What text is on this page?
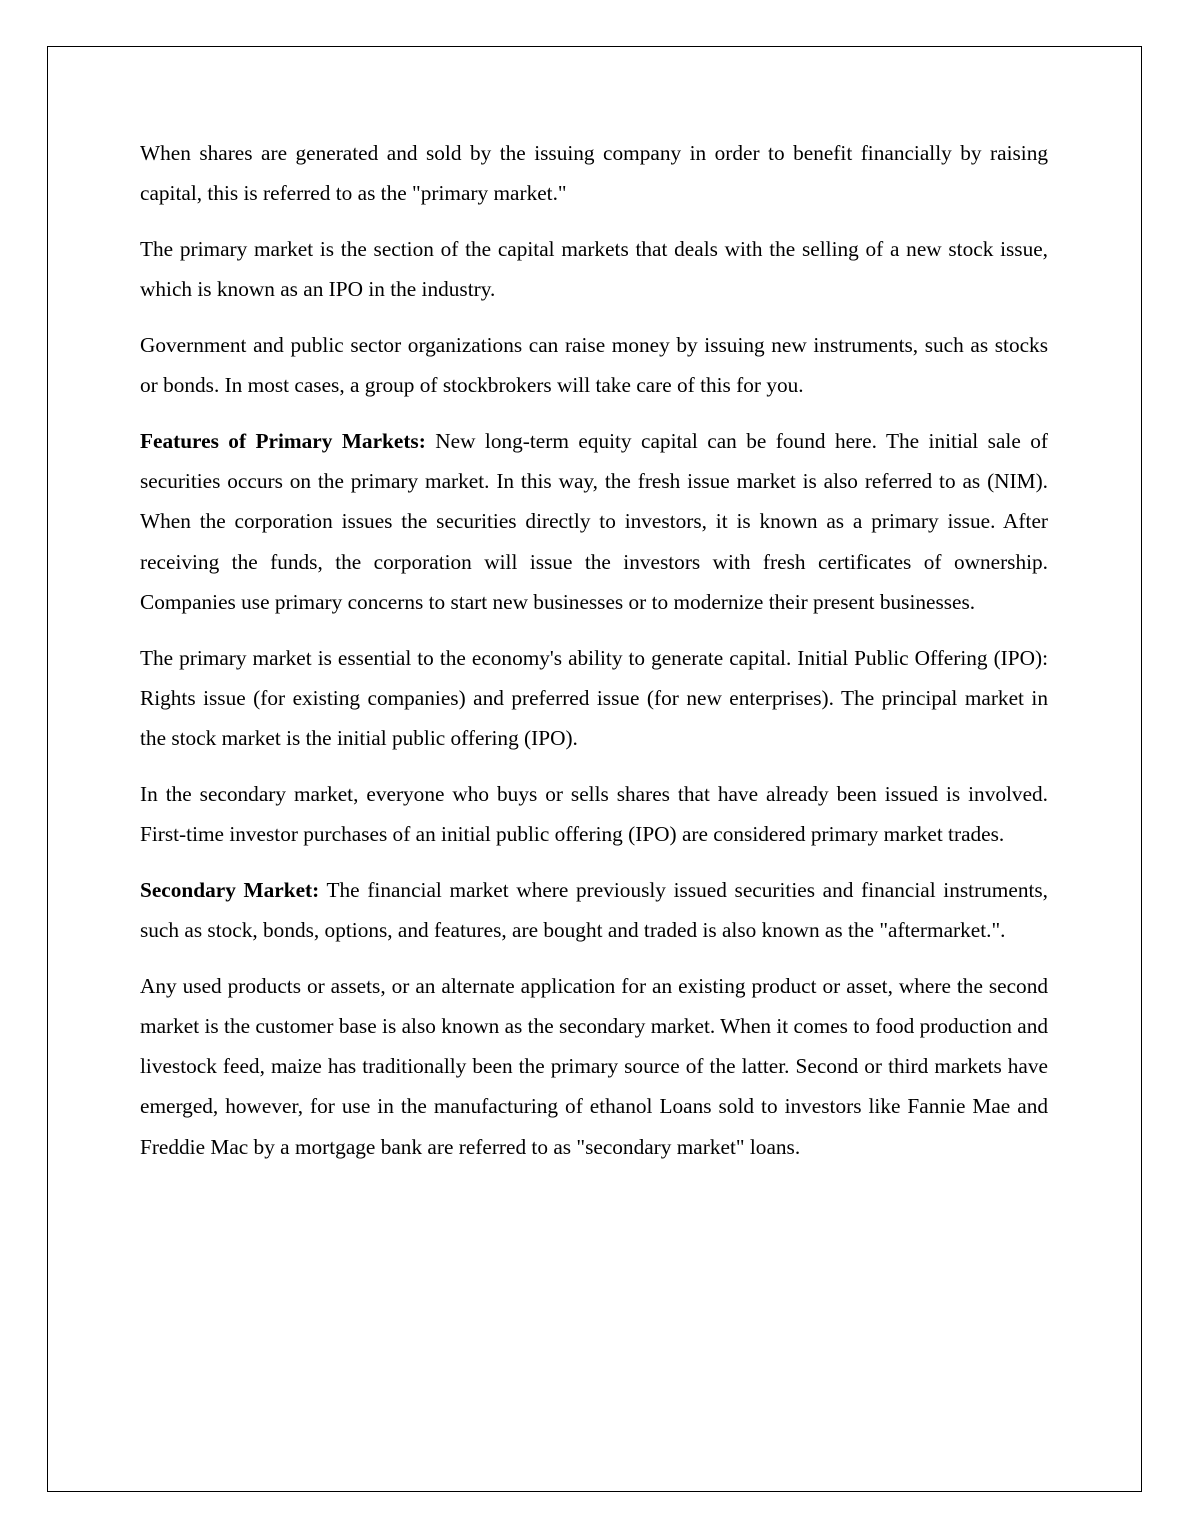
When shares are generated and sold by the issuing company in order to benefit financially by raising capital, this is referred to as the "primary market."

The primary market is the section of the capital markets that deals with the selling of a new stock issue, which is known as an IPO in the industry.

Government and public sector organizations can raise money by issuing new instruments, such as stocks or bonds. In most cases, a group of stockbrokers will take care of this for you.

Features of Primary Markets: New long-term equity capital can be found here. The initial sale of securities occurs on the primary market. In this way, the fresh issue market is also referred to as (NIM). When the corporation issues the securities directly to investors, it is known as a primary issue. After receiving the funds, the corporation will issue the investors with fresh certificates of ownership. Companies use primary concerns to start new businesses or to modernize their present businesses.

The primary market is essential to the economy's ability to generate capital. Initial Public Offering (IPO): Rights issue (for existing companies) and preferred issue (for new enterprises). The principal market in the stock market is the initial public offering (IPO).

In the secondary market, everyone who buys or sells shares that have already been issued is involved. First-time investor purchases of an initial public offering (IPO) are considered primary market trades.

Secondary Market: The financial market where previously issued securities and financial instruments, such as stock, bonds, options, and features, are bought and traded is also known as the "aftermarket.".

Any used products or assets, or an alternate application for an existing product or asset, where the second market is the customer base is also known as the secondary market. When it comes to food production and livestock feed, maize has traditionally been the primary source of the latter. Second or third markets have emerged, however, for use in the manufacturing of ethanol Loans sold to investors like Fannie Mae and Freddie Mac by a mortgage bank are referred to as "secondary market" loans.
